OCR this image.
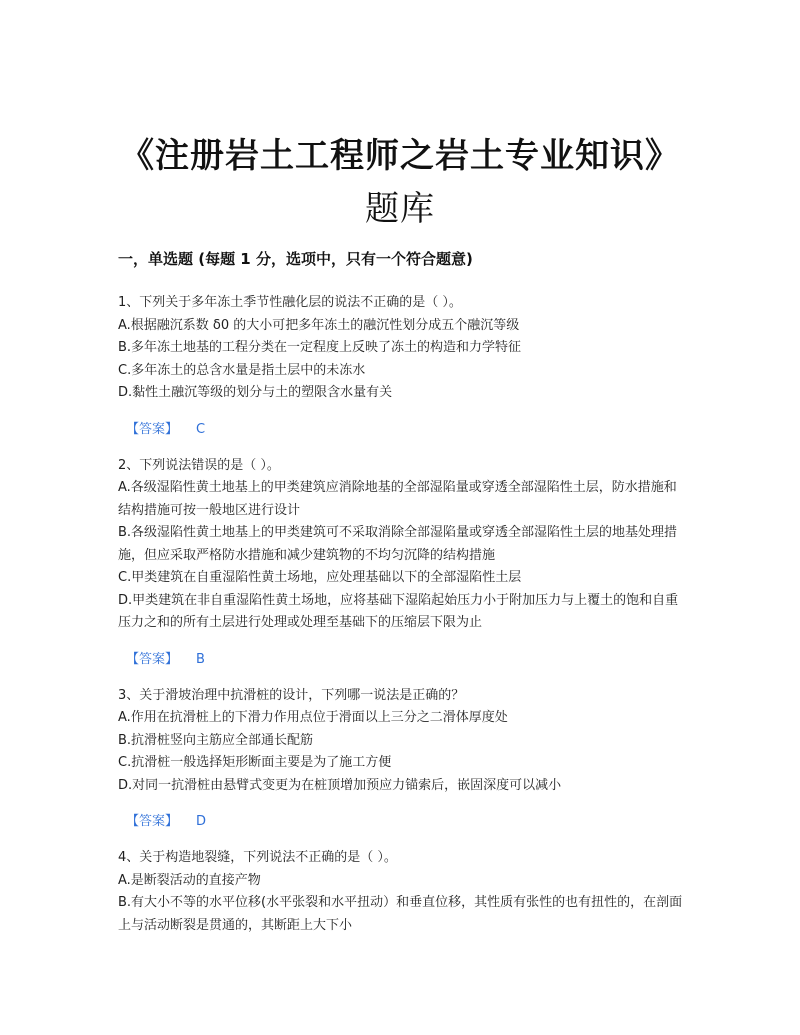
《注册岩土工程师之岩土专业知识》
题库
一，单选题 (每题 1 分，选项中，只有一个符合题意)

1、下列关于多年冻土季节性融化层的说法不正确的是（ ）。

A.根据融沉系数 δ0 的大小可把多年冻土的融沉性划分成五个融沉等级

B.多年冻土地基的工程分类在一定程度上反映了冻土的构造和力学特征

C.多年冻土的总含水量是指土层中的未冻水

D.黏性土融沉等级的划分与土的塑限含水量有关

【答案】 C

2、下列说法错误的是（ ）。

A.各级湿陷性黄土地基上的甲类建筑应消除地基的全部湿陷量或穿透全部湿陷性土层，防水措施和结构措施可按一般地区进行设计

B.各级湿陷性黄土地基上的甲类建筑可不采取消除全部湿陷量或穿透全部湿陷性土层的地基处理措施，但应采取严格防水措施和减少建筑物的不均匀沉降的结构措施

C.甲类建筑在自重湿陷性黄土场地，应处理基础以下的全部湿陷性土层

D.甲类建筑在非自重湿陷性黄土场地，应将基础下湿陷起始压力小于附加压力与上覆土的饱和自重压力之和的所有土层进行处理或处理至基础下的压缩层下限为止

【答案】 B

3、关于滑坡治理中抗滑桩的设计，下列哪一说法是正确的？

A.作用在抗滑桩上的下滑力作用点位于滑面以上三分之二滑体厚度处

B.抗滑桩竖向主筋应全部通长配筋

C.抗滑桩一般选择矩形断面主要是为了施工方便

D.对同一抗滑桩由悬臂式变更为在桩顶增加预应力锚索后，嵌固深度可以减小

【答案】 D

4、关于构造地裂缝，下列说法不正确的是（ ）。

A.是断裂活动的直接产物

B.有大小不等的水平位移(水平张裂和水平扭动）和垂直位移，其性质有张性的也有扭性的，在剖面上与活动断裂是贯通的，其断距上大下小
